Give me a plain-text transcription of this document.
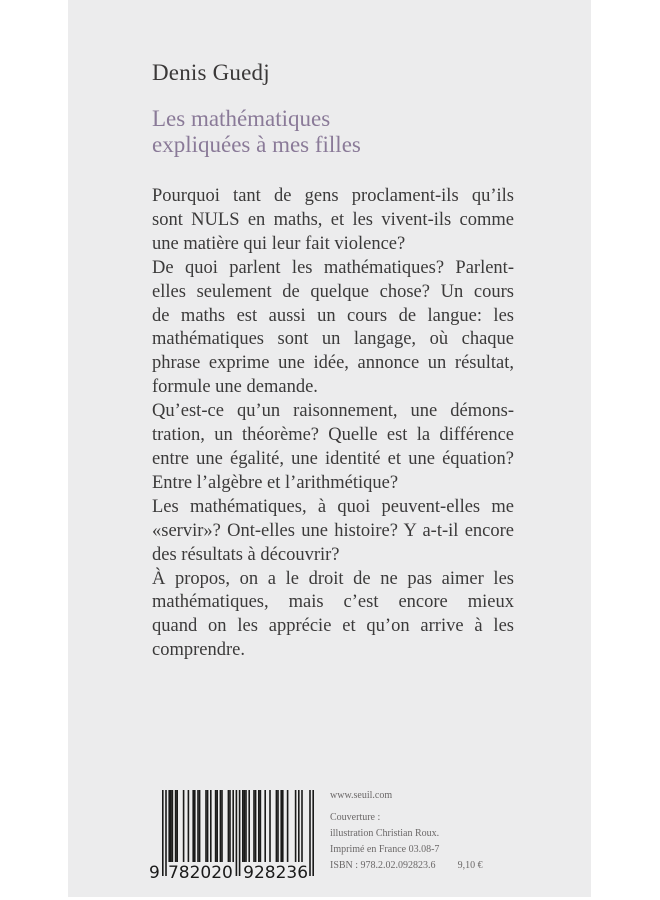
Denis Guedj
Les mathématiques
expliquées à mes filles
Pourquoi tant de gens proclament-ils qu’ils
sont NULS en maths, et les vivent-ils comme
une matière qui leur fait violence?
De quoi parlent les mathématiques? Parlent-
elles seulement de quelque chose? Un cours
de maths est aussi un cours de langue: les
mathématiques sont un langage, où chaque
phrase exprime une idée, annonce un résultat,
formule une demande.
Qu’est-ce qu’un raisonnement, une démons-
tration, un théorème? Quelle est la différence
entre une égalité, une identité et une équation?
Entre l’algèbre et l’arithmétique?
Les mathématiques, à quoi peuvent-elles me
«servir»? Ont-elles une histoire? Y a-t-il encore
des résultats à découvrir?
À propos, on a le droit de ne pas aimer les
mathématiques, mais c’est encore mieux
quand on les apprécie et qu’on arrive à les
comprendre.
9 782020 928236
www.seuil.com
Couverture :
illustration Christian Roux.
Imprimé en France 03.08-7
ISBN : 978.2.02.092823.6 9,10 €
